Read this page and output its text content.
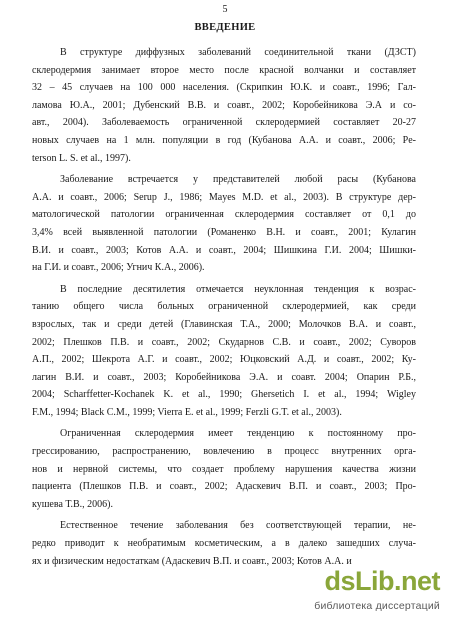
5
ВВЕДЕНИЕ
В структуре диффузных заболеваний соединительной ткани (ДЗСТ)
склеродермия занимает второе место после красной волчанки и составляет
32 – 45 случаев на 100 000 населения. (Скрипкин Ю.К. и соавт., 1996; Гал-
ламова Ю.А., 2001; Дубенский В.В. и соавт., 2002; Коробейникова Э.А и со-
авт., 2004). Заболеваемость ограниченной склеродермией составляет 20-27
новых случаев на 1 млн. популяции в год (Кубанова А.А. и соавт., 2006; Pe-
terson L. S. et al., 1997).
Заболевание встречается у представителей любой расы (Кубанова
А.А. и соавт., 2006; Serup J., 1986; Mayes M.D. et al., 2003). В структуре дер-
матологической патологии ограниченная склеродермия составляет от 0,1 до
3,4% всей выявленной патологии (Романенко В.Н. и соавт., 2001; Кулагин
В.И. и соавт., 2003; Котов А.А. и соавт., 2004; Шишкина Г.И. 2004; Шишки-
на Г.И. и соавт., 2006; Угнич К.А., 2006).
В последние десятилетия отмечается неуклонная тенденция к возрас-
танию общего числа больных ограниченной склеродермией, как среди
взрослых, так и среди детей (Главинская Т.А., 2000; Молочков В.А. и соавт.,
2002; Плешков П.В. и соавт., 2002; Скударнов С.В. и соавт., 2002; Суворов
А.П., 2002; Шекрота А.Г. и соавт., 2002; Юцковский А.Д. и соавт., 2002; Ку-
лагин В.И. и соавт., 2003; Коробейникова Э.А. и соавт. 2004; Опарин Р.Б.,
2004; Scharffetter-Kochanek K. et al., 1990; Ghersetich I. et al., 1994; Wigley
F.M., 1994; Black C.M., 1999; Vierra E. et al., 1999; Ferzli G.T. et al., 2003).
Ограниченная склеродермия имеет тенденцию к постоянному про-
грессированию, распространению, вовлечению в процесс внутренних орга-
нов и нервной системы, что создает проблему нарушения качества жизни
пациента (Плешков П.В. и соавт., 2002; Адаскевич В.П. и соавт., 2003; Про-
кушева Т.В., 2006).
Естественное течение заболевания без соответствующей терапии, не-
редко приводит к необратимым косметическим, а в далеко зашедших случа-
ях и физическим недостаткам (Адаскевич В.П. и соавт., 2003; Котов А.А. и
dsLib.net
библиотека диссертаций
